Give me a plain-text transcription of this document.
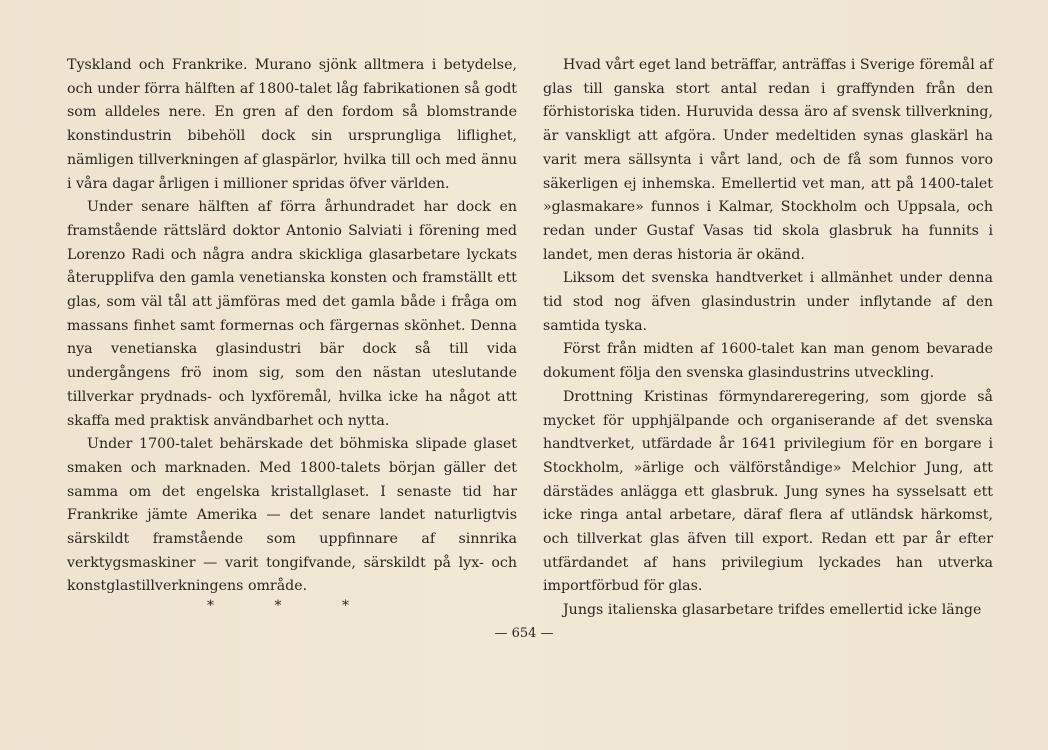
Tyskland och Frankrike. Murano sjönk alltmera i betydelse, och under förra hälften af 1800-talet låg fabrikationen så godt som alldeles nere. En gren af den fordom så blomstrande konstindustrin bibehöll dock sin ursprungliga liflighet, nämligen tillverkningen af glaspärlor, hvilka till och med ännu i våra dagar årligen i millioner spridas öfver världen.

Under senare hälften af förra århundradet har dock en framstående rättslärd doktor Antonio Salviati i förening med Lorenzo Radi och några andra skickliga glasarbetare lyckats återupplifva den gamla venetianska konsten och framställt ett glas, som väl tål att jämföras med det gamla både i fråga om massans finhet samt formernas och färgernas skönhet. Denna nya venetianska glasindustri bär dock så till vida undergångens frö inom sig, som den nästan uteslutande tillverkar prydnads- och lyxföremål, hvilka icke ha något att skaffa med praktisk användbarhet och nytta.

Under 1700-talet behärskade det böhmiska slipade glaset smaken och marknaden. Med 1800-talets början gäller det samma om det engelska kristallglaset. I senaste tid har Frankrike jämte Amerika — det senare landet naturligtvis särskildt framstående som uppfinnare af sinnrika verktygsmaskiner — varit tongifvande, särskildt på lyx- och konstglastillverkningens område.

* * *

Hvad vårt eget land beträffar, anträffas i Sverige föremål af glas till ganska stort antal redan i graffynden från den förhistoriska tiden. Huruvida dessa äro af svensk tillverkning, är vanskligt att afgöra. Under medeltiden synas glaskärl ha varit mera sällsynta i vårt land, och de få som funnos voro säkerligen ej inhemska. Emellertid vet man, att på 1400-talet »glasmakare» funnos i Kalmar, Stockholm och Uppsala, och redan under Gustaf Vasas tid skola glasbruk ha funnits i landet, men deras historia är okänd.

Liksom det svenska handtverket i allmänhet under denna tid stod nog äfven glasindustrin under inflytande af den samtida tyska.

Först från midten af 1600-talet kan man genom bevarade dokument följa den svenska glasindustrins utveckling.

Drottning Kristinas förmyndareregering, som gjorde så mycket för upphjälpande och organiserande af det svenska handtverket, utfärdade år 1641 privilegium för en borgare i Stockholm, »ärlige och välförståndige» Melchior Jung, att därstädes anlägga ett glasbruk. Jung synes ha sysselsatt ett icke ringa antal arbetare, däraf flera af utländsk härkomst, och tillverkat glas äfven till export. Redan ett par år efter utfärdandet af hans privilegium lyckades han utverka importförbud för glas.

Jungs italienska glasarbetare trifdes emellertid icke länge

— 654 —
